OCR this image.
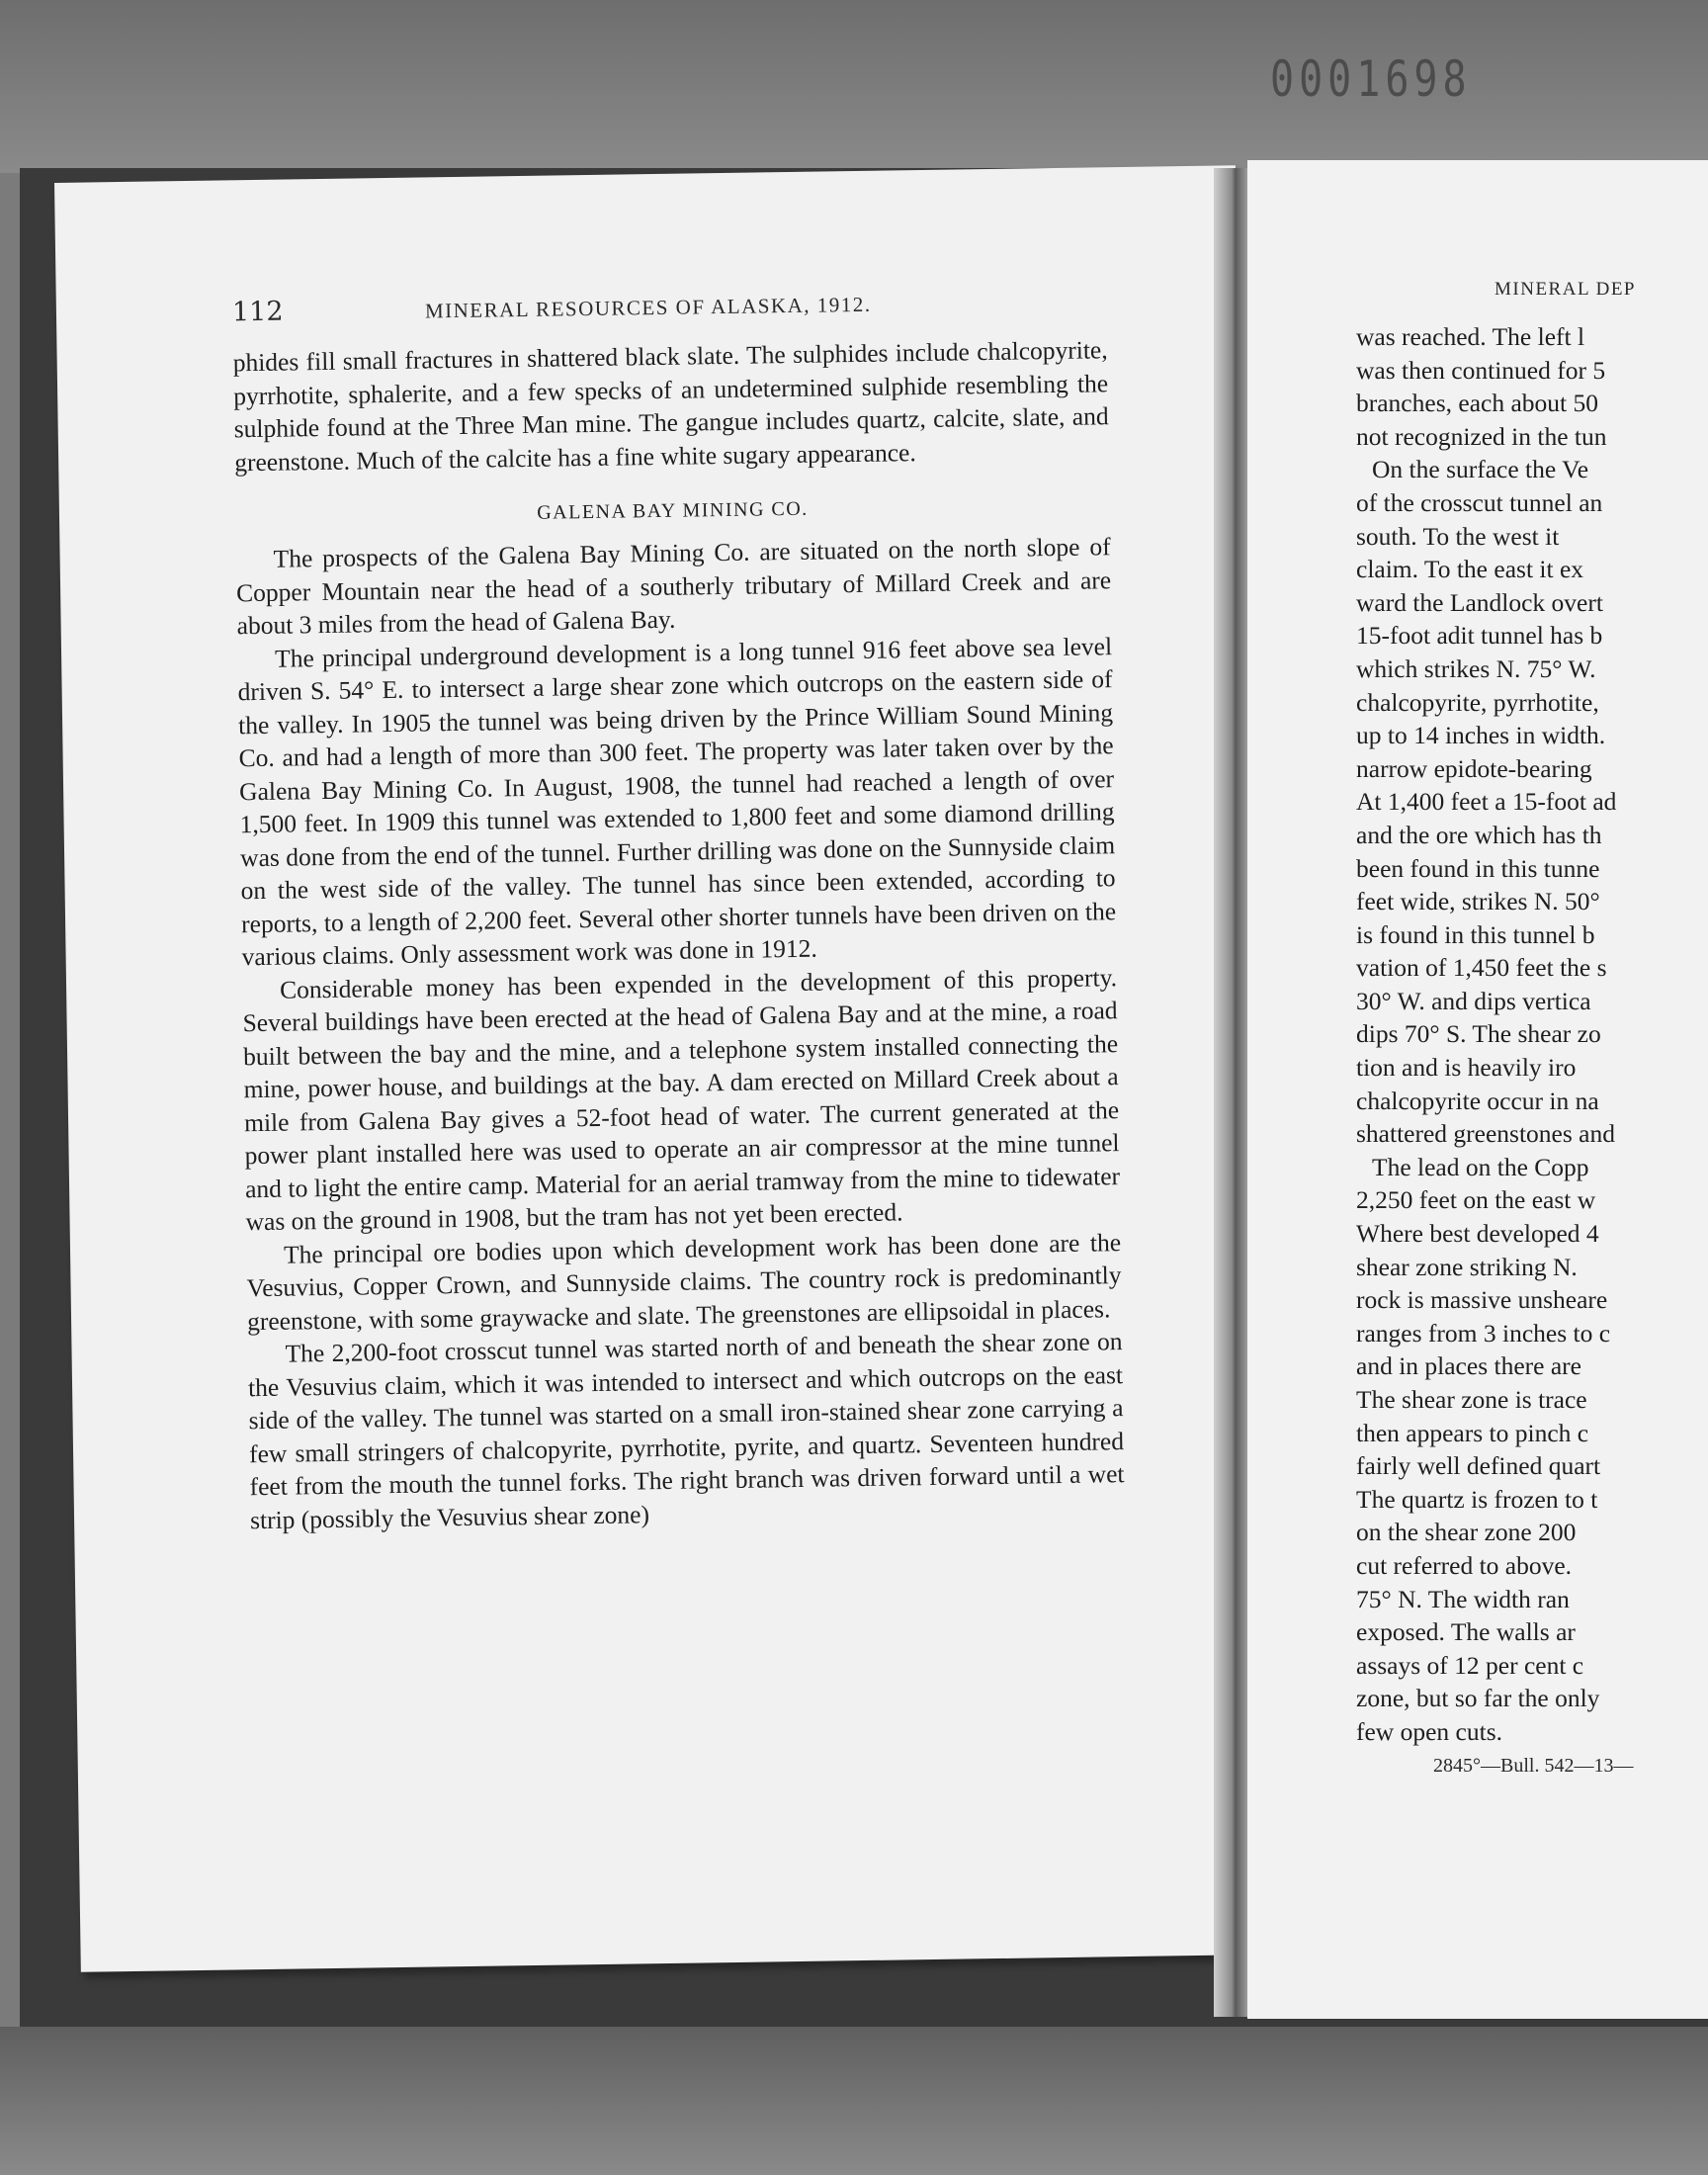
0001698
112	MINERAL RESOURCES OF ALASKA, 1912.

phides fill small fractures in shattered black slate. The sulphides include chalcopyrite, pyrrhotite, sphalerite, and a few specks of an undetermined sulphide resembling the sulphide found at the Three Man mine. The gangue includes quartz, calcite, slate, and greenstone. Much of the calcite has a fine white sugary appearance.

GALENA BAY MINING CO.

The prospects of the Galena Bay Mining Co. are situated on the north slope of Copper Mountain near the head of a southerly tributary of Millard Creek and are about 3 miles from the head of Galena Bay.

The principal underground development is a long tunnel 916 feet above sea level driven S. 54° E. to intersect a large shear zone which outcrops on the eastern side of the valley. In 1905 the tunnel was being driven by the Prince William Sound Mining Co. and had a length of more than 300 feet. The property was later taken over by the Galena Bay Mining Co. In August, 1908, the tunnel had reached a length of over 1,500 feet. In 1909 this tunnel was extended to 1,800 feet and some diamond drilling was done from the end of the tunnel. Further drilling was done on the Sunnyside claim on the west side of the valley. The tunnel has since been extended, according to reports, to a length of 2,200 feet. Several other shorter tunnels have been driven on the various claims. Only assessment work was done in 1912.

Considerable money has been expended in the development of this property. Several buildings have been erected at the head of Galena Bay and at the mine, a road built between the bay and the mine, and a telephone system installed connecting the mine, power house, and buildings at the bay. A dam erected on Millard Creek about a mile from Galena Bay gives a 52-foot head of water. The current generated at the power plant installed here was used to operate an air compressor at the mine tunnel and to light the entire camp. Material for an aerial tramway from the mine to tidewater was on the ground in 1908, but the tram has not yet been erected.

The principal ore bodies upon which development work has been done are the Vesuvius, Copper Crown, and Sunnyside claims. The country rock is predominantly greenstone, with some graywacke and slate. The greenstones are ellipsoidal in places.

The 2,200-foot crosscut tunnel was started north of and beneath the shear zone on the Vesuvius claim, which it was intended to intersect and which outcrops on the east side of the valley. The tunnel was started on a small iron-stained shear zone carrying a few small stringers of chalcopyrite, pyrrhotite, pyrite, and quartz. Seventeen hundred feet from the mouth the tunnel forks. The right branch was driven forward until a wet strip (possibly the Vesuvius shear zone)

MINERAL DEP
was reached. The left l
was then continued for 5
branches, each about 50
not recognized in the tun
On the surface the Ve
of the crosscut tunnel an
south. To the west it
claim. To the east it ex
ward the Landlock overt
15-foot adit tunnel has b
which strikes N. 75° W.
chalcopyrite, pyrrhotite,
up to 14 inches in width.
narrow epidote-bearing
At 1,400 feet a 15-foot ad
and the ore which has th
been found in this tunne
feet wide, strikes N. 50°
is found in this tunnel b
vation of 1,450 feet the s
30° W. and dips vertica
dips 70° S. The shear zo
tion and is heavily iro
chalcopyrite occur in na
shattered greenstones and
The lead on the Copp
2,250 feet on the east w
Where best developed 4
shear zone striking N.
rock is massive unsheare
ranges from 3 inches to c
and in places there are
The shear zone is trace
then appears to pinch c
fairly well defined quart
The quartz is frozen to t
on the shear zone 200
cut referred to above.
75° N. The width ran
exposed. The walls ar
assays of 12 per cent c
zone, but so far the only
few open cuts.
2845°—Bull. 542—13—
